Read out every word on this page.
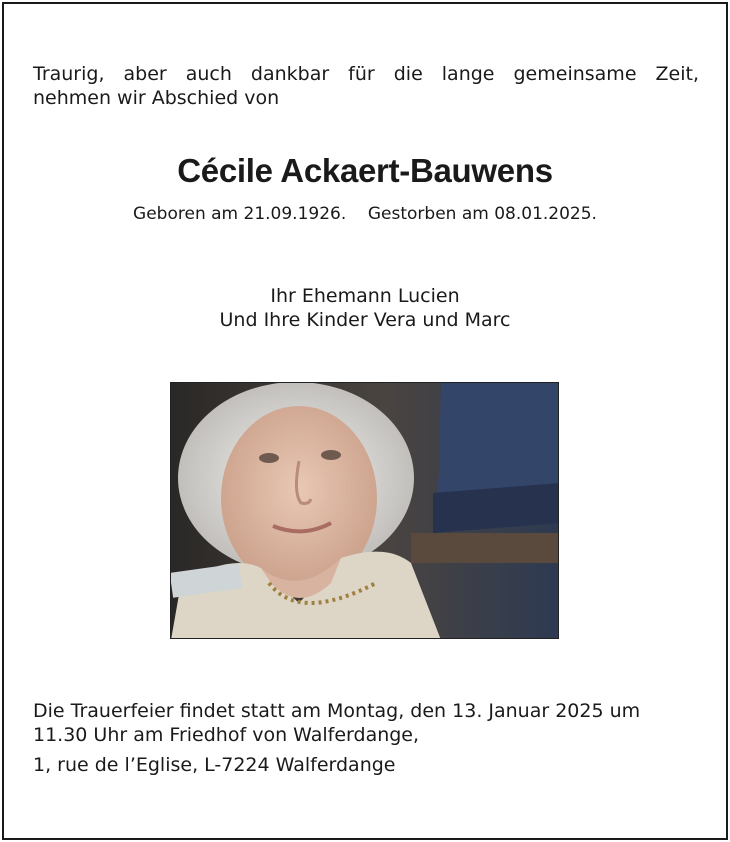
Traurig, aber auch dankbar für die lange gemeinsame Zeit,
nehmen wir Abschied von
Cécile Ackaert-Bauwens
Geboren am 21.09.1926.    Gestorben am 08.01.2025.
Ihr Ehemann Lucien
Und Ihre Kinder Vera und Marc
Die Trauerfeier findet statt am Montag, den 13. Januar 2025 um
11.30 Uhr am Friedhof von Walferdange,
1, rue de l’Eglise, L-7224 Walferdange
